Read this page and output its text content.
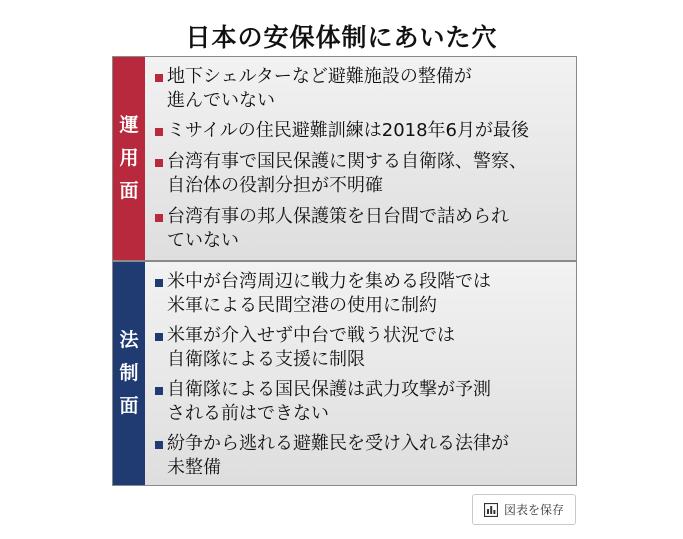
日本の安保体制にあいた穴
運
用
面
地下シェルターなど避難施設の整備が
進んでいない
ミサイルの住民避難訓練は2018年6月が最後
台湾有事で国民保護に関する自衛隊、警察、
自治体の役割分担が不明確
台湾有事の邦人保護策を日台間で詰められ
ていない
法
制
面
米中が台湾周辺に戦力を集める段階では
米軍による民間空港の使用に制約
米軍が介入せず中台で戦う状況では
自衛隊による支援に制限
自衛隊による国民保護は武力攻撃が予測
される前はできない
紛争から逃れる避難民を受け入れる法律が
未整備
図表を保存
